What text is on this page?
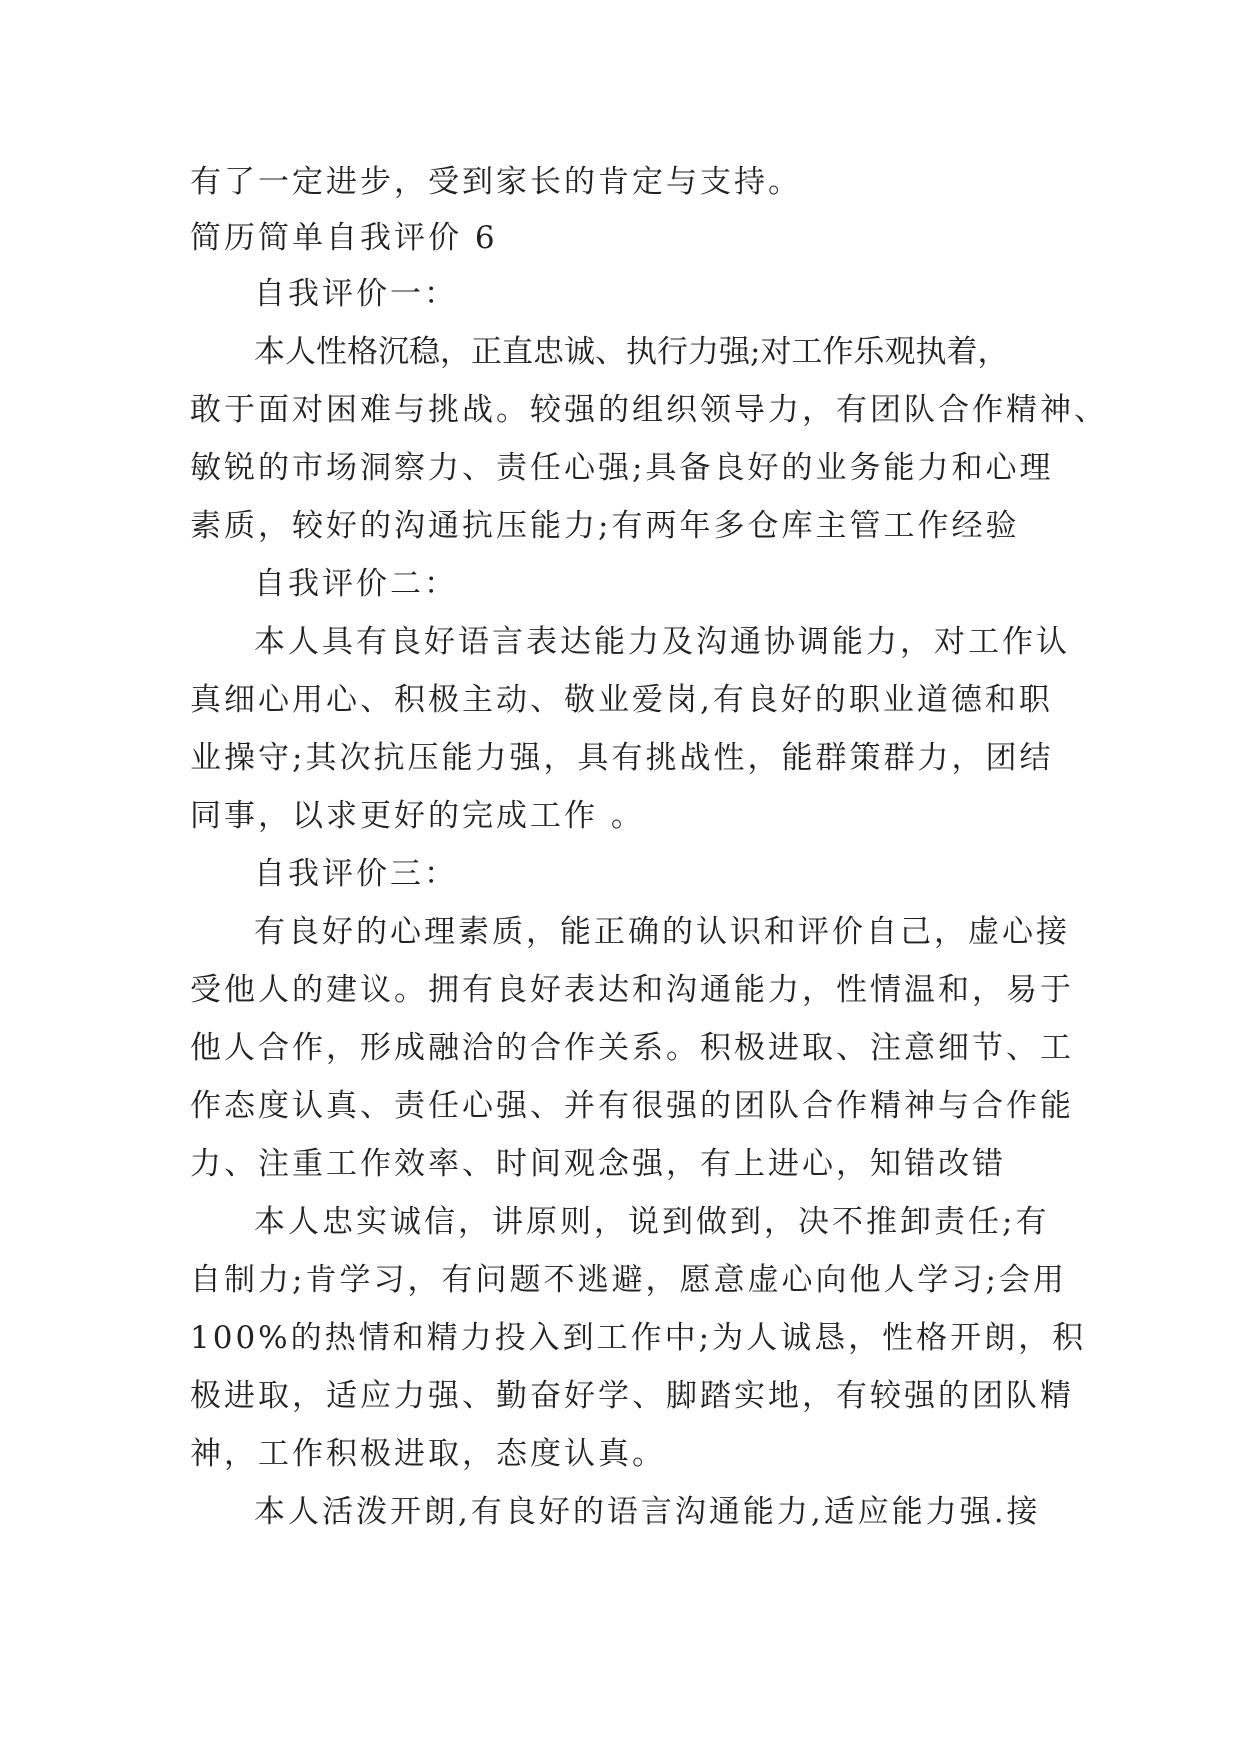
有了一定进步，受到家长的肯定与支持。

简历简单自我评价 6

自我评价一：

本人性格沉稳，正直忠诚、执行力强;对工作乐观执着，

敢于面对困难与挑战。较强的组织领导力，有团队合作精神、

敏锐的市场洞察力、责任心强;具备良好的业务能力和心理

素质，较好的沟通抗压能力;有两年多仓库主管工作经验

自我评价二：

本人具有良好语言表达能力及沟通协调能力，对工作认

真细心用心、积极主动、敬业爱岗,有良好的职业道德和职

业操守;其次抗压能力强，具有挑战性，能群策群力，团结

同事，以求更好的完成工作 。

自我评价三：

有良好的心理素质，能正确的认识和评价自己，虚心接

受他人的建议。拥有良好表达和沟通能力，性情温和，易于

他人合作，形成融洽的合作关系。积极进取、注意细节、工

作态度认真、责任心强、并有很强的团队合作精神与合作能

力、注重工作效率、时间观念强，有上进心，知错改错

本人忠实诚信，讲原则，说到做到，决不推卸责任;有

自制力;肯学习，有问题不逃避，愿意虚心向他人学习;会用

100%的热情和精力投入到工作中;为人诚恳，性格开朗，积

极进取，适应力强、勤奋好学、脚踏实地，有较强的团队精

神，工作积极进取，态度认真。

本人活泼开朗,有良好的语言沟通能力,适应能力强.接
